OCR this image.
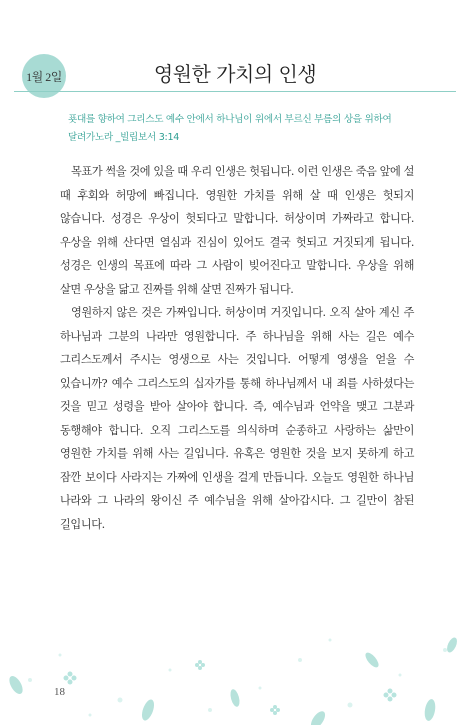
1월 2일	영원한 가치의 인생
푯대를 향하여 그리스도 예수 안에서 하나님이 위에서 부르신 부름의 상을 위하여 달려가노라 _빌립보서 3:14

목표가 썩을 것에 있을 때 우리 인생은 헛됩니다. 이런 인생은 죽음 앞에 설 때 후회와 허망에 빠집니다. 영원한 가치를 위해 살 때 인생은 헛되지 않습니다. 성경은 우상이 헛되다고 말합니다. 허상이며 가짜라고 합니다. 우상을 위해 산다면 열심과 진심이 있어도 결국 헛되고 거짓되게 됩니다. 성경은 인생의 목표에 따라 그 사람이 빚어진다고 말합니다. 우상을 위해 살면 우상을 닮고 진짜를 위해 살면 진짜가 됩니다.

영원하지 않은 것은 가짜입니다. 허상이며 거짓입니다. 오직 살아 계신 주 하나님과 그분의 나라만 영원합니다. 주 하나님을 위해 사는 길은 예수 그리스도께서 주시는 영생으로 사는 것입니다. 어떻게 영생을 얻을 수 있습니까? 예수 그리스도의 십자가를 통해 하나님께서 내 죄를 사하셨다는 것을 믿고 성령을 받아 살아야 합니다. 즉, 예수님과 언약을 맺고 그분과 동행해야 합니다. 오직 그리스도를 의식하며 순종하고 사랑하는 삶만이 영원한 가치를 위해 사는 길입니다. 유혹은 영원한 것을 보지 못하게 하고 잠깐 보이다 사라지는 가짜에 인생을 걸게 만듭니다. 오늘도 영원한 하나님 나라와 그 나라의 왕이신 주 예수님을 위해 살아갑시다. 그 길만이 참된 길입니다.

18
